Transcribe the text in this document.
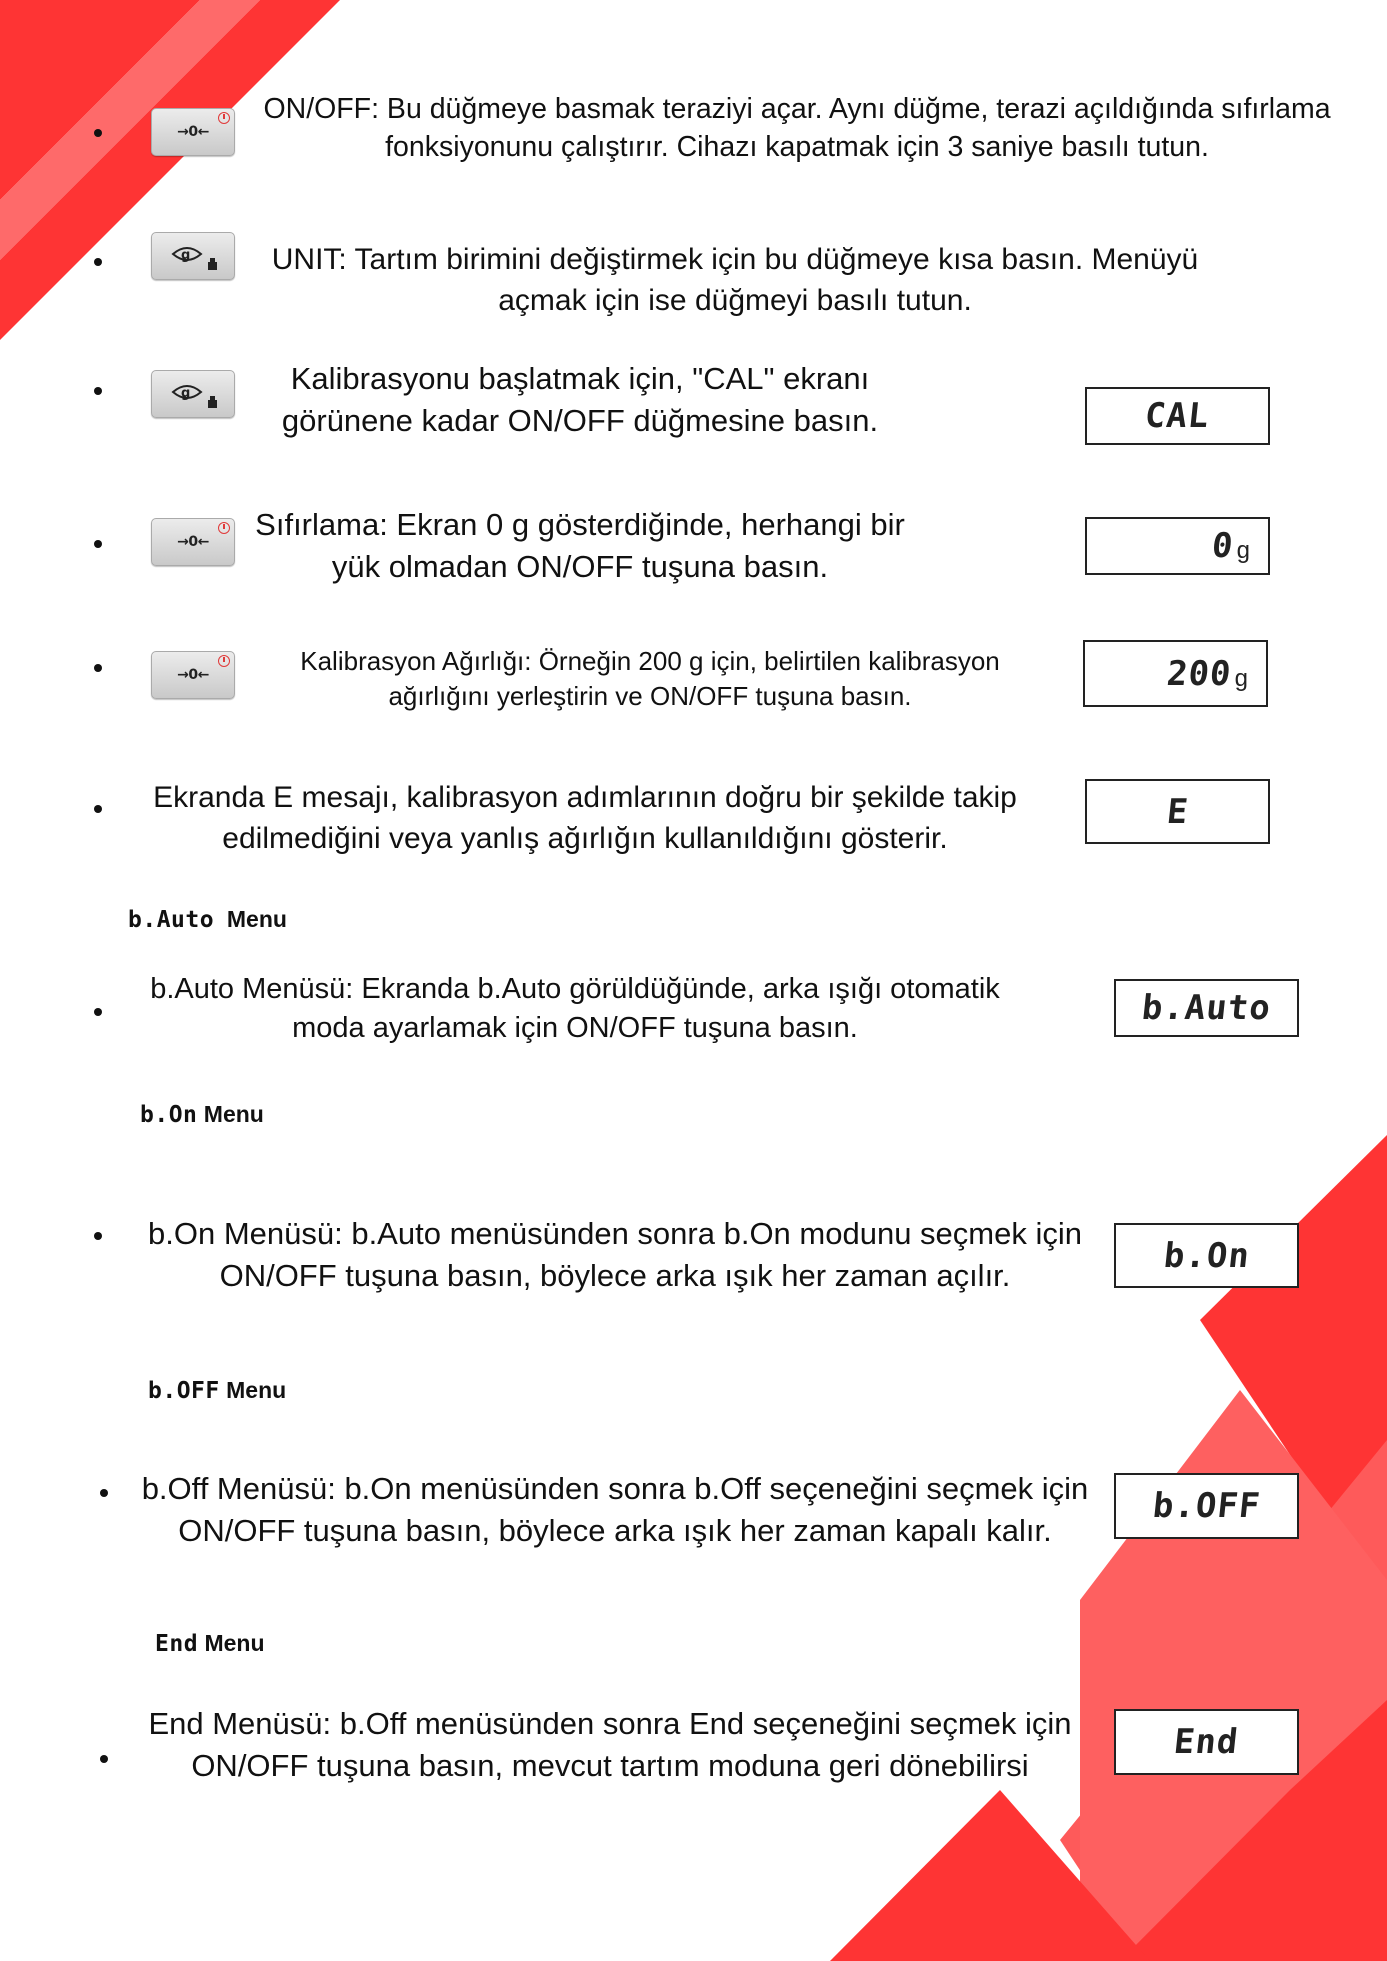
→0←
ON/OFF: Bu düğmeye basmak teraziyi açar. Aynı düğme, terazi açıldığında sıfırlama fonksiyonunu çalıştırır. Cihazı kapatmak için 3 saniye basılı tutun.
g	UNIT: Tartım birimini değiştirmek için bu düğmeye kısa basın. Menüyü açmak için ise düğmeyi basılı tutun.
g	Kalibrasyonu başlatmak için, "CAL" ekranı görünene kadar ON/OFF düğmesine basın.	CAL
→0←	Sıfırlama: Ekran 0 g gösterdiğinde, herhangi bir yük olmadan ON/OFF tuşuna basın.
0 g
→0←	Kalibrasyon Ağırlığı: Örneğin 200 g için, belirtilen kalibrasyon ağırlığını yerleştirin ve ON/OFF tuşuna basın.
200 g
Ekranda E mesajı, kalibrasyon adımlarının doğru bir şekilde takip edilmediğini veya yanlış ağırlığın kullanıldığını gösterir.
E
b.Auto Menu
b.Auto Menüsü: Ekranda b.Auto görüldüğünde, arka ışığı otomatik moda ayarlamak için ON/OFF tuşuna basın.
b.Auto
b.On Menu
b.On Menüsü: b.Auto menüsünden sonra b.On modunu seçmek için ON/OFF tuşuna basın, böylece arka ışık her zaman açılır.	b.On
b.OFF Menu
b.Off Menüsü: b.On menüsünden sonra b.Off seçeneğini seçmek için ON/OFF tuşuna basın, böylece arka ışık her zaman kapalı kalır.
b.OFF
End Menu
End Menüsü: b.Off menüsünden sonra End seçeneğini seçmek için ON/OFF tuşuna basın, mevcut tartım moduna geri dönebilirsi
End
